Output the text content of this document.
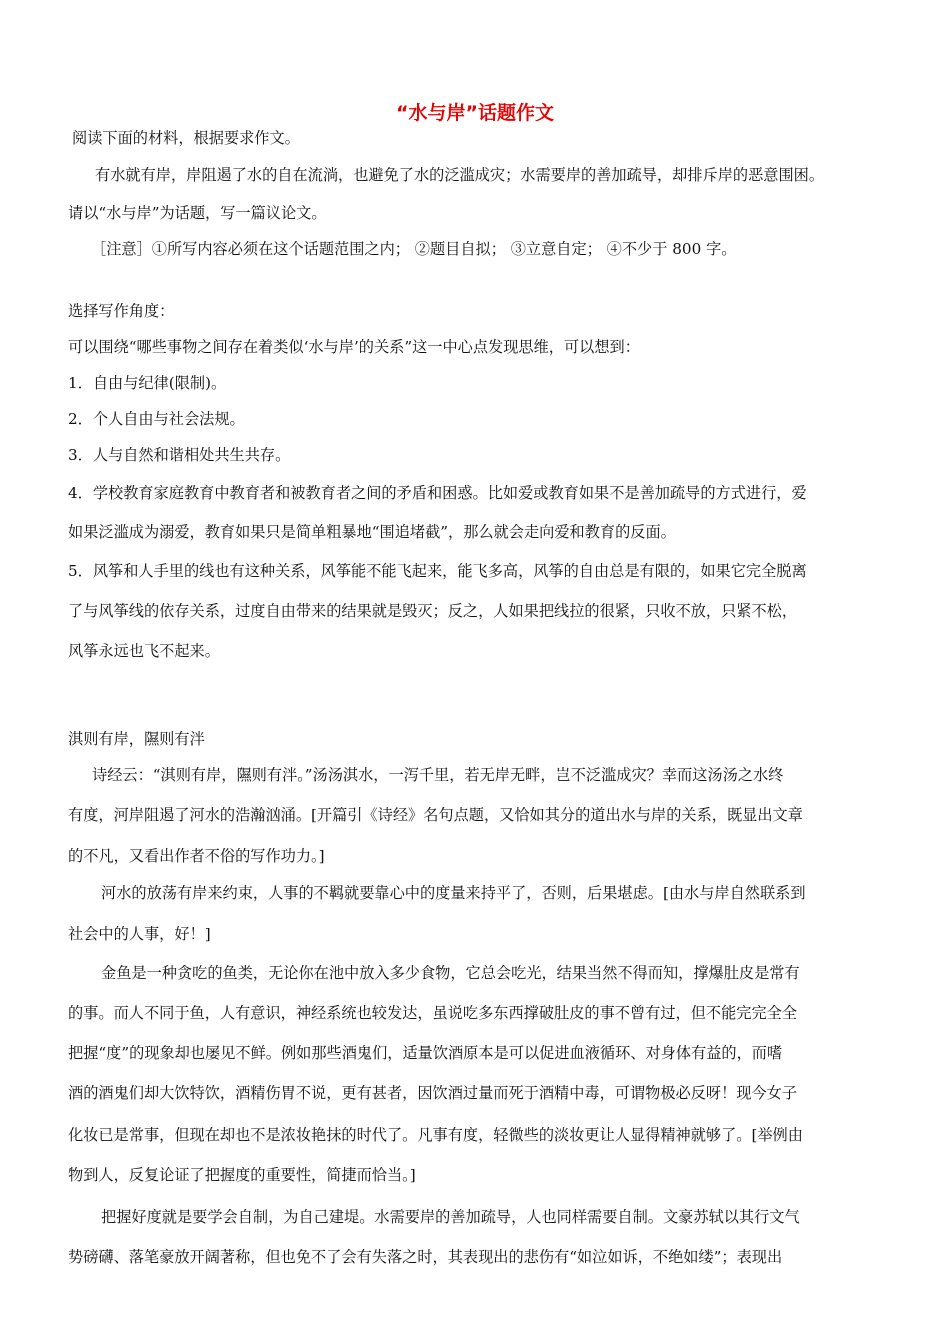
“水与岸”话题作文
阅读下面的材料，根据要求作文。
有水就有岸，岸阻遏了水的自在流淌，也避免了水的泛滥成灾；水需要岸的善加疏导，却排斥岸的恶意围困。
请以“水与岸”为话题，写一篇议论文。
［注意］①所写内容必须在这个话题范围之内； ②题目自拟； ③立意自定； ④不少于 800 字。
选择写作角度：
可以围绕“哪些事物之间存在着类似‘水与岸’的关系”这一中心点发现思维，可以想到：
1．自由与纪律(限制)。
2．个人自由与社会法规。
3．人与自然和谐相处共生共存。
4．学校教育家庭教育中教育者和被教育者之间的矛盾和困惑。比如爱或教育如果不是善加疏导的方式进行，爱
如果泛滥成为溺爱，教育如果只是简单粗暴地“围追堵截”，那么就会走向爱和教育的反面。
5．风筝和人手里的线也有这种关系，风筝能不能飞起来，能飞多高，风筝的自由总是有限的，如果它完全脱离
了与风筝线的依存关系，过度自由带来的结果就是毁灭；反之，人如果把线拉的很紧，只收不放，只紧不松，
风筝永远也飞不起来。
淇则有岸，隰则有泮
诗经云：“淇则有岸，隰则有泮。”汤汤淇水，一泻千里，若无岸无畔，岂不泛滥成灾？幸而这汤汤之水终
有度，河岸阻遏了河水的浩瀚汹涌。[开篇引《诗经》名句点题，又恰如其分的道出水与岸的关系，既显出文章
的不凡，又看出作者不俗的写作功力。]
河水的放荡有岸来约束，人事的不羁就要靠心中的度量来持平了，否则，后果堪虑。[由水与岸自然联系到
社会中的人事，好！]
金鱼是一种贪吃的鱼类，无论你在池中放入多少食物，它总会吃光，结果当然不得而知，撑爆肚皮是常有
的事。而人不同于鱼，人有意识，神经系统也较发达，虽说吃多东西撑破肚皮的事不曾有过，但不能完完全全
把握“度”的现象却也屡见不鲜。例如那些酒鬼们，适量饮酒原本是可以促进血液循环、对身体有益的，而嗜
酒的酒鬼们却大饮特饮，酒精伤胃不说，更有甚者，因饮酒过量而死于酒精中毒，可谓物极必反呀！现今女子
化妆已是常事，但现在却也不是浓妆艳抹的时代了。凡事有度，轻微些的淡妆更让人显得精神就够了。[举例由
物到人，反复论证了把握度的重要性，简捷而恰当。]
把握好度就是要学会自制，为自己建堤。水需要岸的善加疏导，人也同样需要自制。文豪苏轼以其行文气
势磅礴、落笔豪放开阔著称，但也免不了会有失落之时，其表现出的悲伤有“如泣如诉，不绝如缕”；表现出
